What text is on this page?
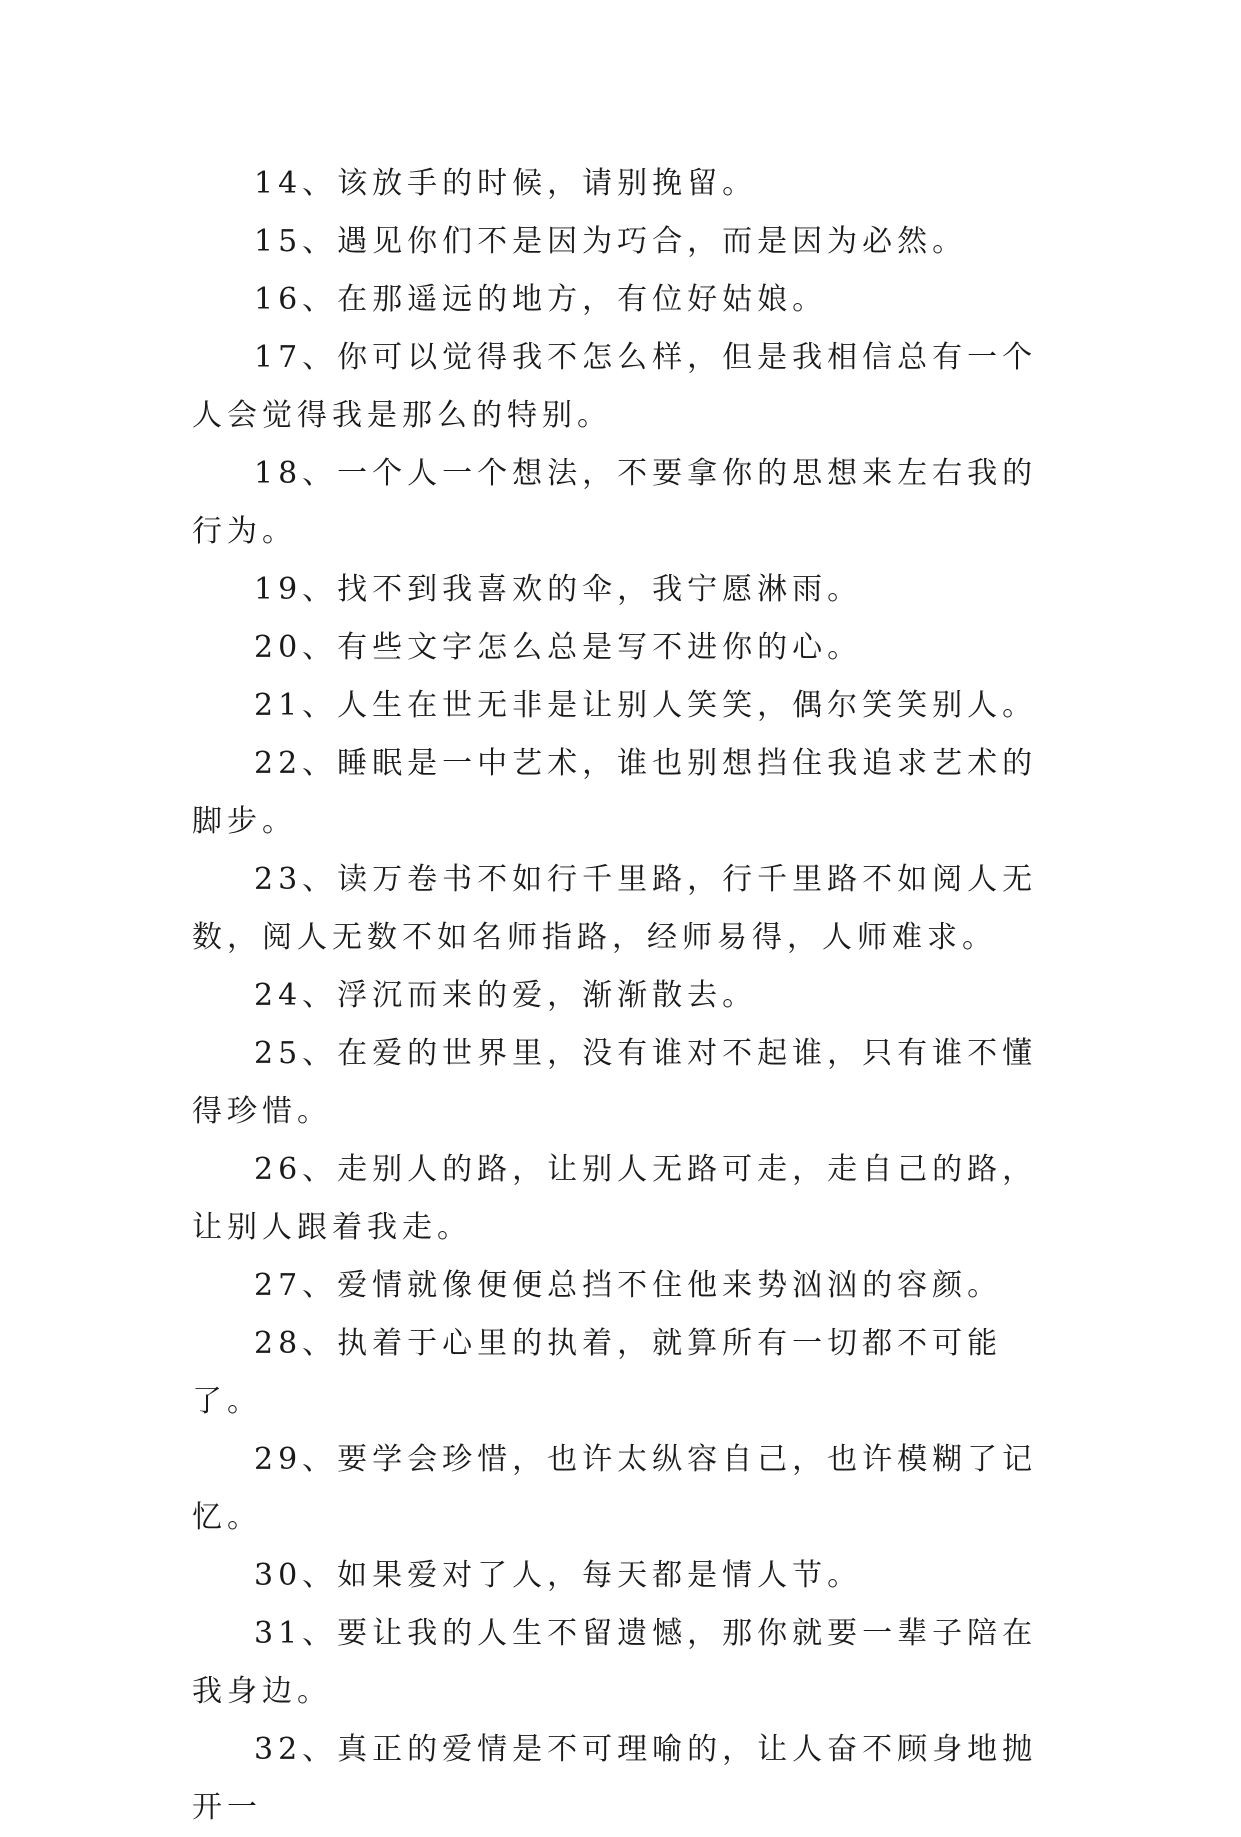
14、该放手的时候，请别挽留。

15、遇见你们不是因为巧合，而是因为必然。

16、在那遥远的地方，有位好姑娘。

17、你可以觉得我不怎么样，但是我相信总有一个人会觉得我是那么的特别。

18、一个人一个想法，不要拿你的思想来左右我的行为。

19、找不到我喜欢的伞，我宁愿淋雨。

20、有些文字怎么总是写不进你的心。

21、人生在世无非是让别人笑笑，偶尔笑笑别人。

22、睡眠是一中艺术，谁也别想挡住我追求艺术的脚步。

23、读万卷书不如行千里路，行千里路不如阅人无数，阅人无数不如名师指路，经师易得，人师难求。

24、浮沉而来的爱，渐渐散去。

25、在爱的世界里，没有谁对不起谁，只有谁不懂得珍惜。

26、走别人的路，让别人无路可走，走自己的路，让别人跟着我走。

27、爱情就像便便总挡不住他来势汹汹的容颜。

28、执着于心里的执着，就算所有一切都不可能了。

29、要学会珍惜，也许太纵容自己，也许模糊了记忆。

30、如果爱对了人，每天都是情人节。

31、要让我的人生不留遗憾，那你就要一辈子陪在我身边。

32、真正的爱情是不可理喻的，让人奋不顾身地抛开一
